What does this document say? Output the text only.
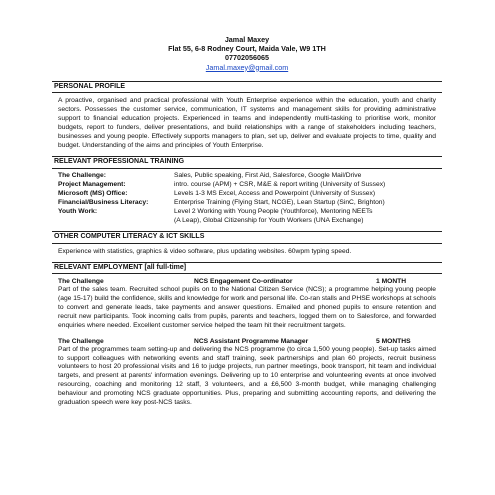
Jamal Maxey
Flat 55, 6-8 Rodney Court, Maida Vale, W9 1TH
07702056065
Jamal.maxey@gmail.com
PERSONAL PROFILE
A proactive, organised and practical professional with Youth Enterprise experience within the education, youth and charity sectors. Possesses the customer service, communication, IT systems and management skills for providing administrative support to financial education projects. Experienced in teams and independently multi-tasking to prioritise work, monitor budgets, report to funders, deliver presentations, and build relationships with a range of stakeholders including teachers, businesses and young people. Effectively supports managers to plan, set up, deliver and evaluate projects to time, quality and budget. Understanding of the aims and principles of Youth Enterprise.
RELEVANT PROFESSIONAL TRAINING
The Challenge:	Sales, Public speaking, First Aid, Salesforce, Google Mail/Drive
Project Management:	intro. course (APM) + CSR, M&E & report writing (University of Sussex)
Microsoft (MS) Office:	Levels 1-3 MS Excel, Access and Powerpoint (University of Sussex)
Financial/Business Literacy:	Enterprise Training (Flying Start, NCGE), Lean Startup (SinC, Brighton)
Youth Work:	Level 2 Working with Young People (Youthforce), Mentoring NEETs
(A Leap), Global Citizenship for Youth Workers (UNA Exchange)
OTHER COMPUTER LITERACY & ICT SKILLS
Experience with statistics, graphics & video software, plus updating websites. 60wpm typing speed.
RELEVANT EMPLOYMENT [all full-time]
The Challenge	NCS Engagement Co-ordinator	1 MONTH
Part of the sales team. Recruited school pupils on to the National Citizen Service (NCS); a programme helping young people (age 15-17) build the confidence, skills and knowledge for work and personal life. Co-ran stalls and PHSE workshops at schools to convert and generate leads, take payments and answer questions. Emailed and phoned pupils to ensure retention and recruit new participants. Took incoming calls from pupils, parents and teachers, logged them on to Salesforce, and forwarded enquiries where needed. Excellent customer service helped the team hit their recruitment targets.
The Challenge	NCS Assistant Programme Manager	5 MONTHS
Part of the programmes team setting-up and delivering the NCS programme (to circa 1,500 young people). Set-up tasks aimed to support colleagues with networking events and staff training, seek partnerships and plan 60 projects, recruit business volunteers to host 20 professional visits and 16 to judge projects, run partner meetings, book transport, hit team and individual targets, and present at parents' information evenings. Delivering up to 10 enterprise and volunteering events at once involved resourcing, coaching and monitoring 12 staff, 3 volunteers, and a £6,500 3-month budget, while managing challenging behaviour and promoting NCS graduate opportunities. Plus, preparing and submitting accounting reports, and delivering the graduation speech were key post-NCS tasks.
